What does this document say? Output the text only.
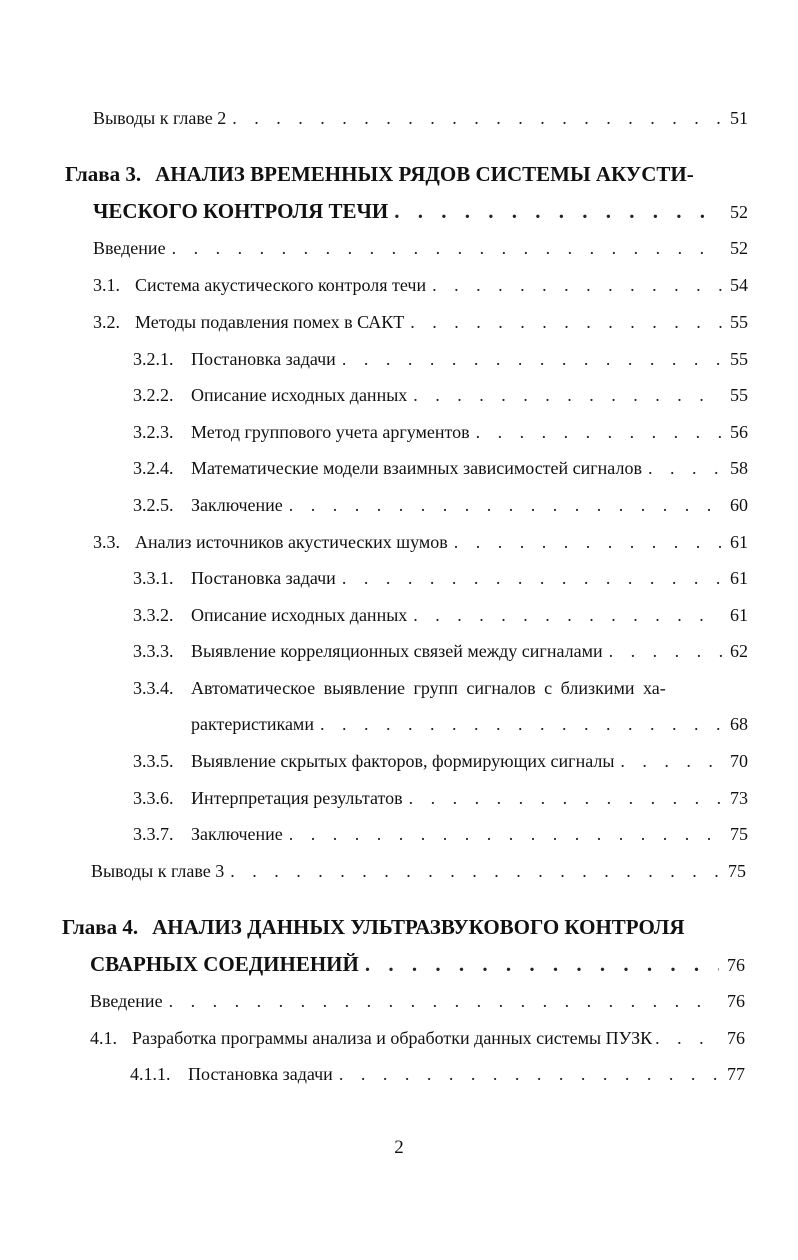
Выводы к главе 2 . . .	51
Глава 3. АНАЛИЗ ВРЕМЕННЫХ РЯДОВ СИСТЕМЫ АКУСТИ-
ЧЕСКОГО КОНТРОЛЯ ТЕЧИ . . .	52
Введение . . .	52
3.1. Система акустического контроля течи . . .	54
3.2. Методы подавления помех в САКТ . . .	55
3.2.1. Постановка задачи . . .	55
3.2.2. Описание исходных данных . . .	55
3.2.3. Метод группового учета аргументов . . .	56
3.2.4. Математические модели взаимных зависимостей сигналов . . .	58
3.2.5. Заключение . . .	60
3.3. Анализ источников акустических шумов . . .	61
3.3.1. Постановка задачи . . .	61
3.3.2. Описание исходных данных . . .	61
3.3.3. Выявление корреляционных связей между сигналами . . .	62
3.3.4. Автоматическое выявление групп сигналов с близкими ха-
рактеристиками . . .	68
3.3.5. Выявление скрытых факторов, формирующих сигналы . . .	70
3.3.6. Интерпретация результатов . . .	73
3.3.7. Заключение . . .	75
Выводы к главе 3 . . .	75
Глава 4. АНАЛИЗ ДАННЫХ УЛЬТРАЗВУКОВОГО КОНТРОЛЯ
СВАРНЫХ СОЕДИНЕНИЙ . . .	76
Введение . . .	76
4.1. Разработка программы анализа и обработки данных системы ПУЗК . . .	76
4.1.1. Постановка задачи . . .	77
2
